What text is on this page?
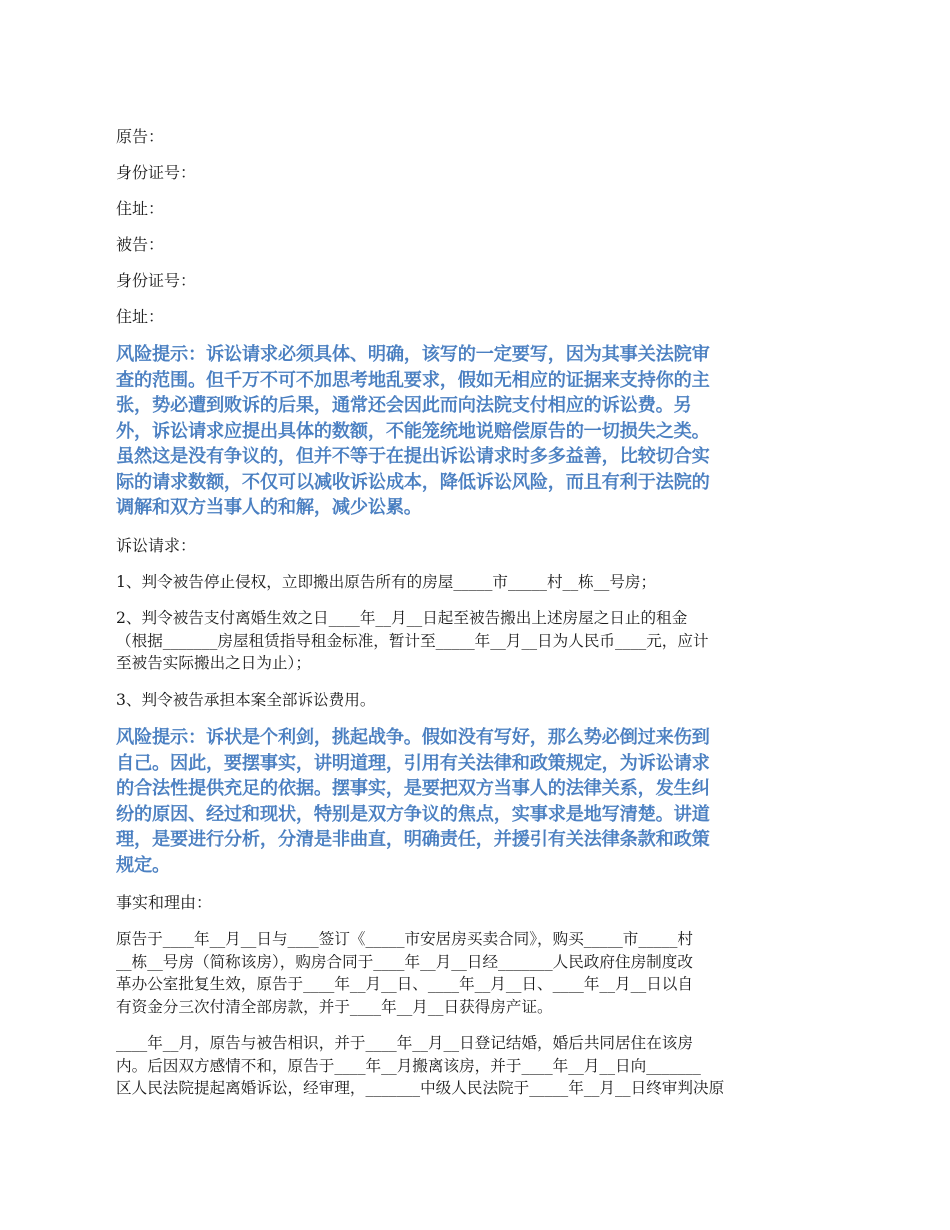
原告：
身份证号：
住址：
被告：
身份证号：
住址：
风险提示：诉讼请求必须具体、明确，该写的一定要写，因为其事关法院审
查的范围。但千万不可不加思考地乱要求，假如无相应的证据来支持你的主
张，势必遭到败诉的后果，通常还会因此而向法院支付相应的诉讼费。另
外，诉讼请求应提出具体的数额，不能笼统地说赔偿原告的一切损失之类。
虽然这是没有争议的，但并不等于在提出诉讼请求时多多益善，比较切合实
际的请求数额，不仅可以减收诉讼成本，降低诉讼风险，而且有利于法院的
调解和双方当事人的和解，减少讼累。
诉讼请求：
1、判令被告停止侵权，立即搬出原告所有的房屋_____市_____村__栋__号房；
2、判令被告支付离婚生效之日____年__月__日起至被告搬出上述房屋之日止的租金
（根据_______房屋租赁指导租金标准，暂计至_____年__月__日为人民币____元，应计
至被告实际搬出之日为止）；
3、判令被告承担本案全部诉讼费用。
风险提示：诉状是个利剑，挑起战争。假如没有写好，那么势必倒过来伤到
自己。因此，要摆事实，讲明道理，引用有关法律和政策规定，为诉讼请求
的合法性提供充足的依据。摆事实，是要把双方当事人的法律关系，发生纠
纷的原因、经过和现状，特别是双方争议的焦点，实事求是地写清楚。讲道
理，是要进行分析，分清是非曲直，明确责任，并援引有关法律条款和政策
规定。
事实和理由：
原告于____年__月__日与____签订《_____市安居房买卖合同》，购买_____市_____村
__栋__号房（简称该房），购房合同于____年__月__日经_______人民政府住房制度改
革办公室批复生效，原告于____年__月__日、____年__月__日、____年__月__日以自
有资金分三次付清全部房款，并于____年__月__日获得房产证。
____年__月，原告与被告相识，并于____年__月__日登记结婚，婚后共同居住在该房
内。后因双方感情不和，原告于____年__月搬离该房，并于____年__月__日向_______
区人民法院提起离婚诉讼，经审理，_______中级人民法院于_____年__月__日终审判决原
